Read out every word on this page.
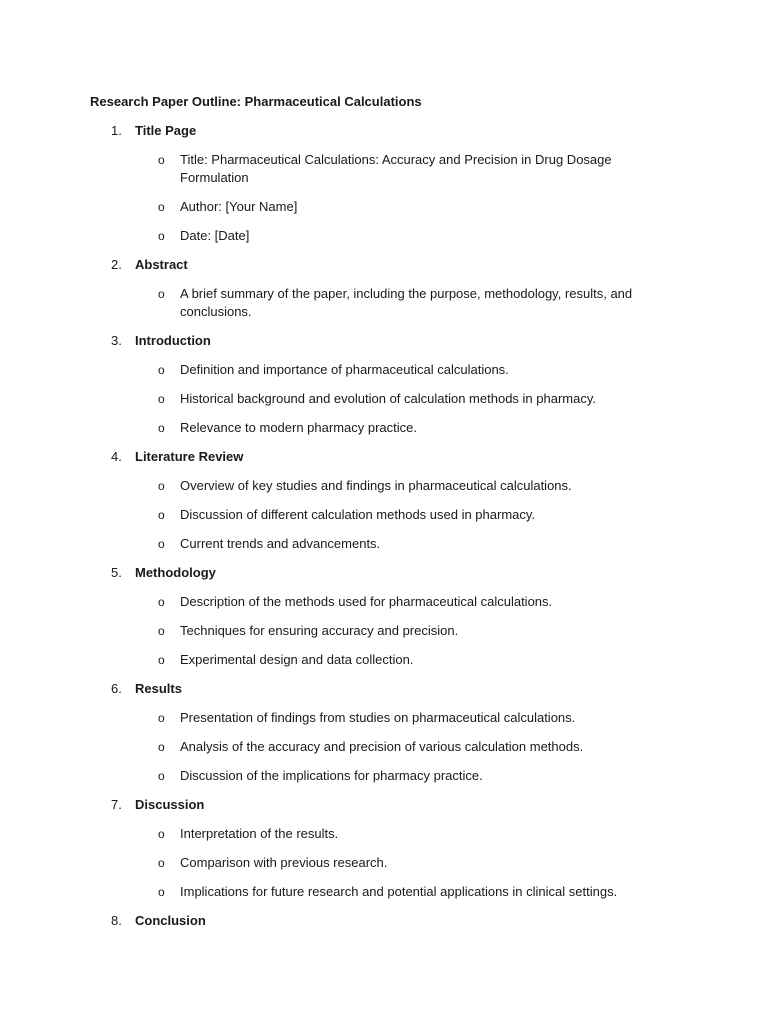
Research Paper Outline: Pharmaceutical Calculations
1.	Title Page
o	Title: Pharmaceutical Calculations: Accuracy and Precision in Drug Dosage Formulation
o	Author: [Your Name]
o	Date: [Date]
2.	Abstract
o	A brief summary of the paper, including the purpose, methodology, results, and conclusions.
3.	Introduction
o	Definition and importance of pharmaceutical calculations.
o	Historical background and evolution of calculation methods in pharmacy.
o	Relevance to modern pharmacy practice.
4.	Literature Review
o	Overview of key studies and findings in pharmaceutical calculations.
o	Discussion of different calculation methods used in pharmacy.
o	Current trends and advancements.
5.	Methodology
o	Description of the methods used for pharmaceutical calculations.
o	Techniques for ensuring accuracy and precision.
o	Experimental design and data collection.
6.	Results
o	Presentation of findings from studies on pharmaceutical calculations.
o	Analysis of the accuracy and precision of various calculation methods.
o	Discussion of the implications for pharmacy practice.
7.	Discussion
o	Interpretation of the results.
o	Comparison with previous research.
o	Implications for future research and potential applications in clinical settings.
8.	Conclusion
